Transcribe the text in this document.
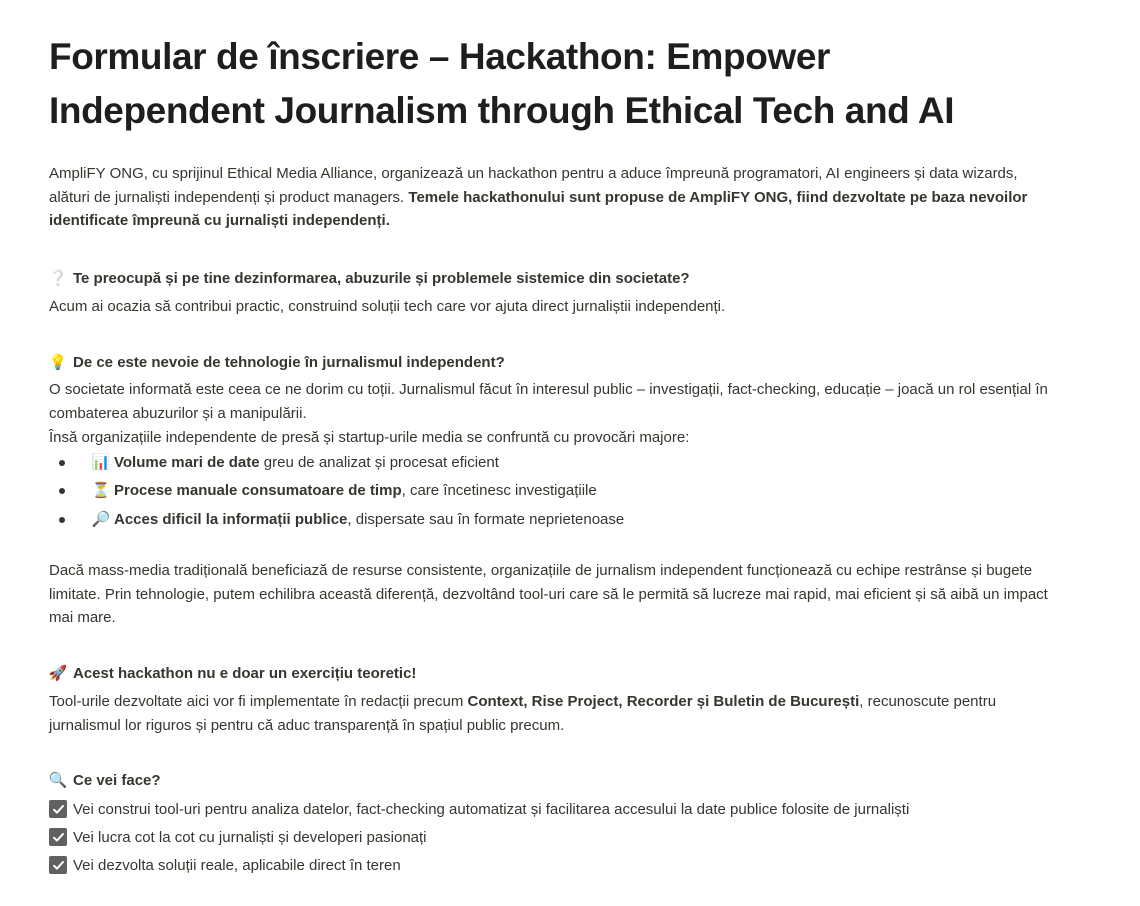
Formular de înscriere – Hackathon: Empower Independent Journalism through Ethical Tech and AI

AmpliFY ONG, cu sprijinul Ethical Media Alliance, organizează un hackathon pentru a aduce împreună programatori, AI engineers și data wizards, alături de jurnaliști independenți și product managers. Temele hackathonului sunt propuse de AmpliFY ONG, fiind dezvoltate pe baza nevoilor identificate împreună cu jurnaliști independenți.

❔ Te preocupă și pe tine dezinformarea, abuzurile și problemele sistemice din societate?

Acum ai ocazia să contribui practic, construind soluții tech care vor ajuta direct jurnaliștii independenți.

💡 De ce este nevoie de tehnologie în jurnalismul independent?

O societate informată este ceea ce ne dorim cu toții. Jurnalismul făcut în interesul public – investigații, fact-checking, educație – joacă un rol esențial în combaterea abuzurilor și a manipulării.

Însă organizațiile independente de presă și startup-urile media se confruntă cu provocări majore:

📊 Volume mari de date greu de analizat și procesat eficient
⏳ Procese manuale consumatoare de timp, care încetinesc investigațiile
🔎 Acces dificil la informații publice, dispersate sau în formate neprietenoase

Dacă mass-media tradițională beneficiază de resurse consistente, organizațiile de jurnalism independent funcționează cu echipe restrânse și bugete limitate. Prin tehnologie, putem echilibra această diferență, dezvoltând tool-uri care să le permită să lucreze mai rapid, mai eficient și să aibă un impact mai mare.

🚀 Acest hackathon nu e doar un exercițiu teoretic!

Tool-urile dezvoltate aici vor fi implementate în redacții precum Context, Rise Project, Recorder și Buletin de București, recunoscute pentru jurnalismul lor riguros și pentru că aduc transparență în spațiul public precum.

🔍 Ce vei face?
Vei construi tool-uri pentru analiza datelor, fact-checking automatizat și facilitarea accesului la date publice folosite de jurnaliști
Vei lucra cot la cot cu jurnaliști și developeri pasionați
Vei dezvolta soluții reale, aplicabile direct în teren
